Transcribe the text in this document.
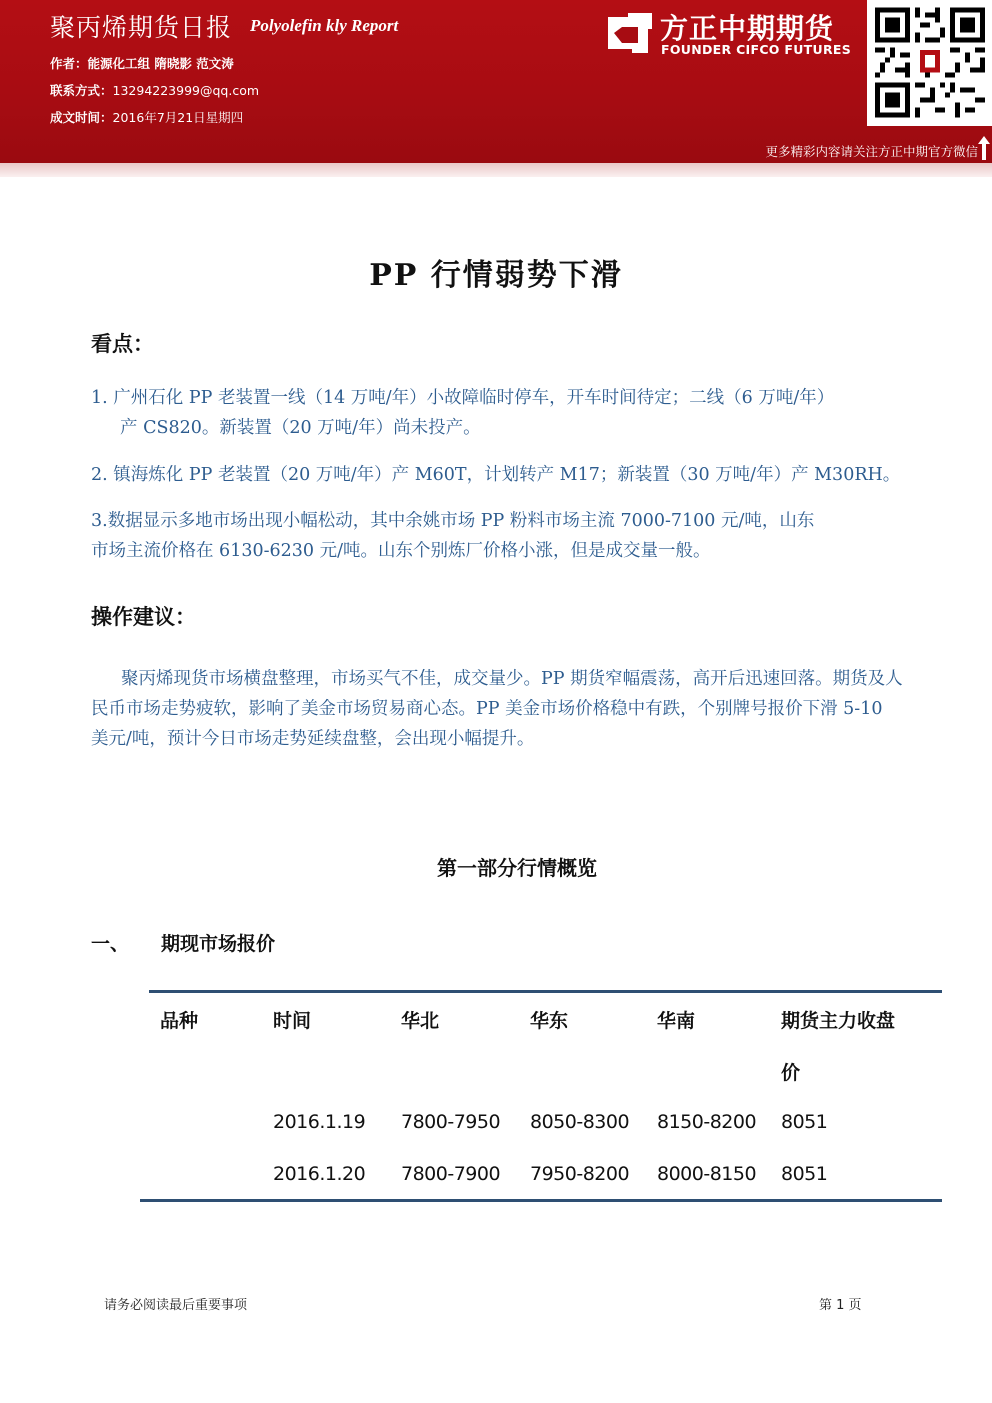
聚丙烯期货日报 Polyolefin kly Report
作者：能源化工组 隋晓影 范文涛
联系方式：13294223999@qq.com
成文时间：2016年7月21日星期四
方正中期期货
FOUNDER CIFCO FUTURES
更多精彩内容请关注方正中期官方微信
PP 行情弱势下滑
看点：
1. 广州石化 PP 老装置一线（14 万吨/年）小故障临时停车，开车时间待定；二线（6 万吨/年）
产 CS820。新装置（20 万吨/年）尚未投产。
2. 镇海炼化 PP 老装置（20 万吨/年）产 M60T，计划转产 M17；新装置（30 万吨/年）产 M30RH。
3.数据显示多地市场出现小幅松动，其中余姚市场 PP 粉料市场主流 7000-7100 元/吨，山东
市场主流价格在 6130-6230 元/吨。山东个别炼厂价格小涨，但是成交量一般。
操作建议：
聚丙烯现货市场横盘整理，市场买气不佳，成交量少。PP 期货窄幅震荡，高开后迅速回落。期货及人民币市场走势疲软，影响了美金市场贸易商心态。PP 美金市场价格稳中有跌，个别牌号报价下滑 5-10 美元/吨，预计今日市场走势延续盘整，会出现小幅提升。
第一部分行情概览
一、 期现市场报价
品种	时间	华北	华东	华南	期货主力收盘
价
2016.1.19 7800-7950 8050-8300 8150-8200 8051
2016.1.20 7800-7900 7950-8200 8000-8150 8051
请务必阅读最后重要事项	第 1 页
